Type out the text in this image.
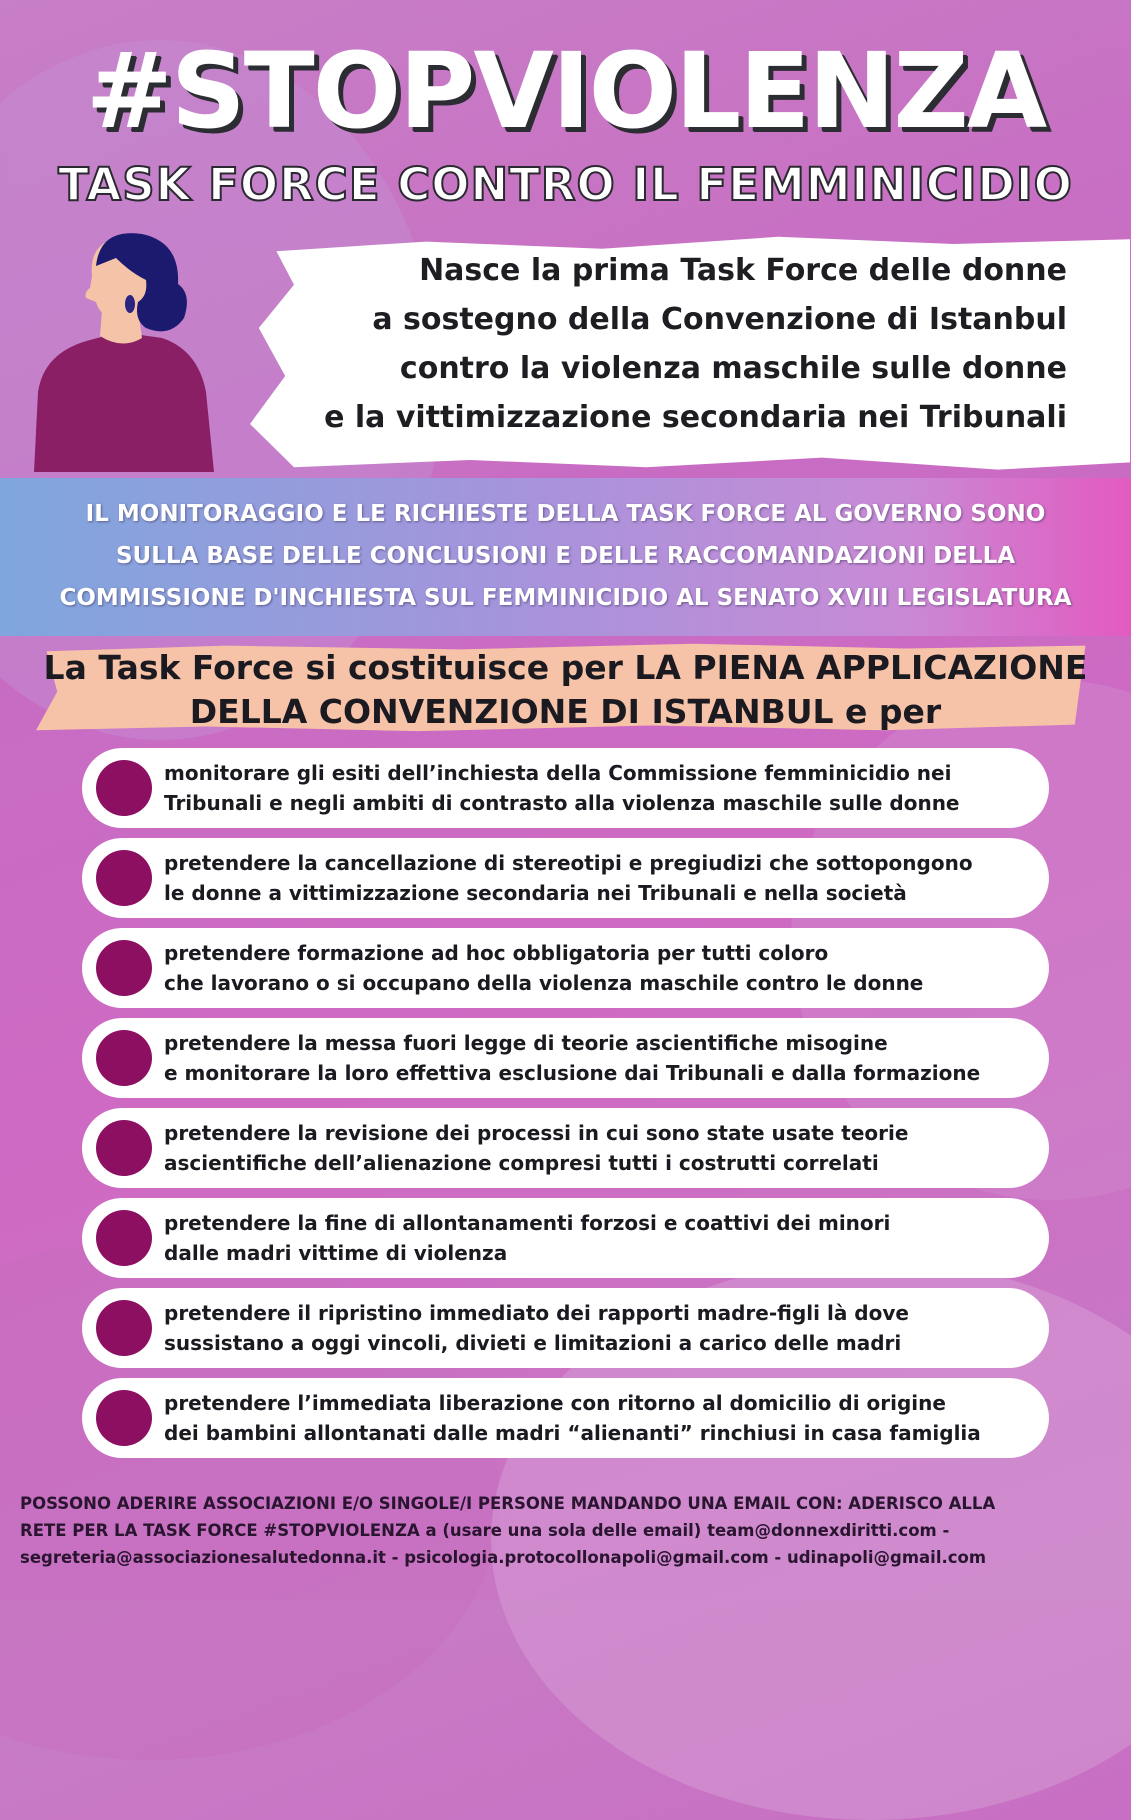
#STOPVIOLENZA
TASK FORCE CONTRO IL FEMMINICIDIO
Nasce la prima Task Force delle donne
a sostegno della Convenzione di Istanbul
contro la violenza maschile sulle donne
e la vittimizzazione secondaria nei Tribunali
IL MONITORAGGIO E LE RICHIESTE DELLA TASK FORCE AL GOVERNO SONO
SULLA BASE DELLE CONCLUSIONI E DELLE RACCOMANDAZIONI DELLA
COMMISSIONE D'INCHIESTA SUL FEMMINICIDIO AL SENATO XVIII LEGISLATURA
La Task Force si costituisce per LA PIENA APPLICAZIONE
DELLA CONVENZIONE DI ISTANBUL e per
monitorare gli esiti dell’inchiesta della Commissione femminicidio nei
Tribunali e negli ambiti di contrasto alla violenza maschile sulle donne
pretendere la cancellazione di stereotipi e pregiudizi che sottopongono
le donne a vittimizzazione secondaria nei Tribunali e nella società
pretendere formazione ad hoc obbligatoria per tutti coloro
che lavorano o si occupano della violenza maschile contro le donne
pretendere la messa fuori legge di teorie ascientifiche misogine
e monitorare la loro effettiva esclusione dai Tribunali e dalla formazione
pretendere la revisione dei processi in cui sono state usate teorie
ascientifiche dell’alienazione compresi tutti i costrutti correlati
pretendere la fine di allontanamenti forzosi e coattivi dei minori
dalle madri vittime di violenza
pretendere il ripristino immediato dei rapporti madre-figli là dove
sussistano a oggi vincoli, divieti e limitazioni a carico delle madri
pretendere l’immediata liberazione con ritorno al domicilio di origine
dei bambini allontanati dalle madri “alienanti” rinchiusi in casa famiglia
POSSONO ADERIRE ASSOCIAZIONI E/O SINGOLE/I PERSONE MANDANDO UNA EMAIL CON: ADERISCO ALLA
RETE PER LA TASK FORCE #STOPVIOLENZA a (usare una sola delle email) team@donnexdiritti.com -
segreteria@associazionesalutedonna.it - psicologia.protocollonapoli@gmail.com - udinapoli@gmail.com
